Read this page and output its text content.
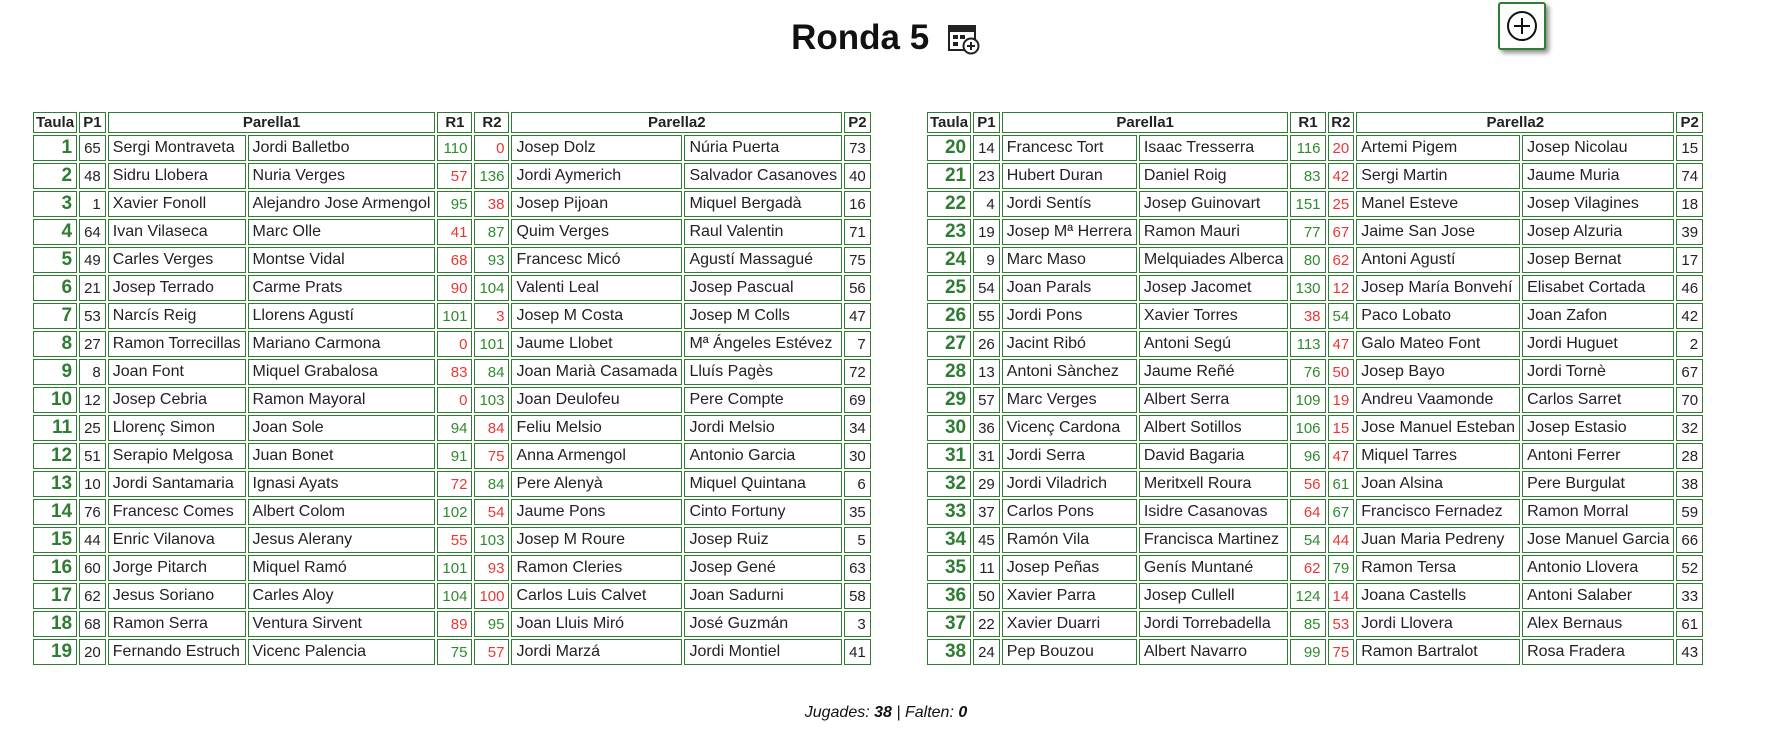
Ronda 5
Taula	P1	Parella1		R1	R2	Parella2		P2
1	65	Sergi Montraveta	Jordi Balletbo	110	0	Josep Dolz	Núria Puerta	73
2	48	Sidru Llobera	Nuria Verges	57	136	Jordi Aymerich	Salvador Casanoves	40
3	1	Xavier Fonoll	Alejandro Jose Armengol	95	38	Josep Pijoan	Miquel Bergadà	16
4	64	Ivan Vilaseca	Marc Olle	41	87	Quim Verges	Raul Valentin	71
5	49	Carles Verges	Montse Vidal	68	93	Francesc Micó	Agustí Massagué	75
6	21	Josep Terrado	Carme Prats	90	104	Valenti Leal	Josep Pascual	56
7	53	Narcís Reig	Llorens Agustí	101	3	Josep M Costa	Josep M Colls	47
8	27	Ramon Torrecillas	Mariano Carmona	0	101	Jaume Llobet	Mª Ángeles Estévez	7
9	8	Joan Font	Miquel Grabalosa	83	84	Joan Marià Casamada	Lluís Pagès	72
10	12	Josep Cebria	Ramon Mayoral	0	103	Joan Deulofeu	Pere Compte	69
11	25	Llorenç Simon	Joan Sole	94	84	Feliu Melsio	Jordi Melsio	34
12	51	Serapio Melgosa	Juan Bonet	91	75	Anna Armengol	Antonio Garcia	30
13	10	Jordi Santamaria	Ignasi Ayats	72	84	Pere Alenyà	Miquel Quintana	6
14	76	Francesc Comes	Albert Colom	102	54	Jaume Pons	Cinto Fortuny	35
15	44	Enric Vilanova	Jesus Alerany	55	103	Josep M Roure	Josep Ruiz	5
16	60	Jorge Pitarch	Miquel Ramó	101	93	Ramon Cleries	Josep Gené	63
17	62	Jesus Soriano	Carles Aloy	104	100	Carlos Luis Calvet	Joan Sadurni	58
18	68	Ramon Serra	Ventura Sirvent	89	95	Joan Lluis Miró	José Guzmán	3
19	20	Fernando Estruch	Vicenc Palencia	75	57	Jordi Marzá	Jordi Montiel	41
Taula	P1	Parella1		R1	R2	Parella2		P2
20	14	Francesc Tort	Isaac Tresserra	116	20	Artemi Pigem	Josep Nicolau	15
21	23	Hubert Duran	Daniel Roig	83	42	Sergi Martin	Jaume Muria	74
22	4	Jordi Sentís	Josep Guinovart	151	25	Manel Esteve	Josep Vilagines	18
23	19	Josep Mª Herrera	Ramon Mauri	77	67	Jaime San Jose	Josep Alzuria	39
24	9	Marc Maso	Melquiades Alberca	80	62	Antoni Agustí	Josep Bernat	17
25	54	Joan Parals	Josep Jacomet	130	12	Josep María Bonvehí	Elisabet Cortada	46
26	55	Jordi Pons	Xavier Torres	38	54	Paco Lobato	Joan Zafon	42
27	26	Jacint Ribó	Antoni Segú	113	47	Galo Mateo Font	Jordi Huguet	2
28	13	Antoni Sànchez	Jaume Reñé	76	50	Josep Bayo	Jordi Tornè	67
29	57	Marc Verges	Albert Serra	109	19	Andreu Vaamonde	Carlos Sarret	70
30	36	Vicenç Cardona	Albert Sotillos	106	15	Jose Manuel Esteban	Josep Estasio	32
31	31	Jordi Serra	David Bagaria	96	47	Miquel Tarres	Antoni Ferrer	28
32	29	Jordi Viladrich	Meritxell Roura	56	61	Joan Alsina	Pere Burgulat	38
33	37	Carlos Pons	Isidre Casanovas	64	67	Francisco Fernadez	Ramon Morral	59
34	45	Ramón Vila	Francisca Martinez	54	44	Juan Maria Pedreny	Jose Manuel Garcia	66
35	11	Josep Peñas	Genís Muntané	62	79	Ramon Tersa	Antonio Llovera	52
36	50	Xavier Parra	Josep Cullell	124	14	Joana Castells	Antoni Salaber	33
37	22	Xavier Duarri	Jordi Torrebadella	85	53	Jordi Llovera	Alex Bernaus	61
38	24	Pep Bouzou	Albert Navarro	99	75	Ramon Bartralot	Rosa Fradera	43
Jugades: 38 | Falten: 0
